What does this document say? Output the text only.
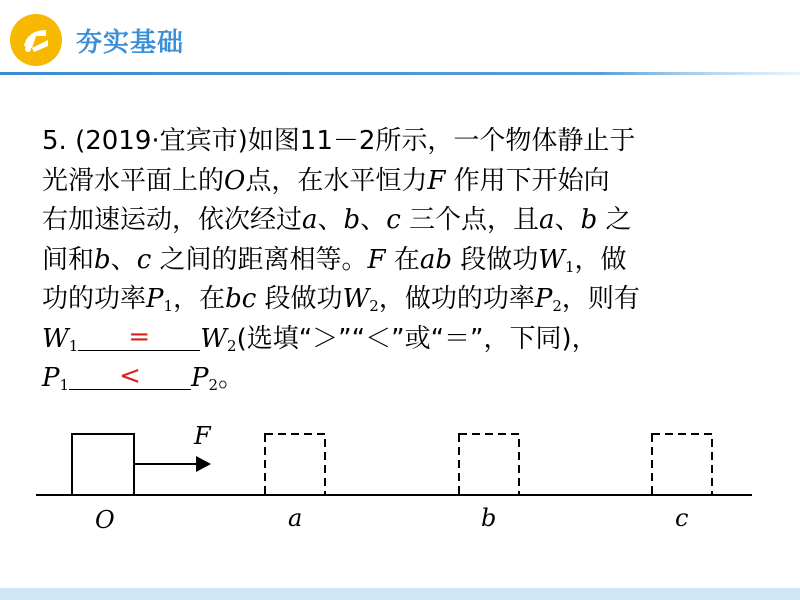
夯实基础
5. (2019·宜宾市)如图11－2所示，一个物体静止于
光滑水平面上的O点，在水平恒力F 作用下开始向
右加速运动，依次经过a、b、c 三个点，且a、b 之
间和b、c 之间的距离相等。F 在ab 段做功$W_1$，做
功的功率$P_1$，在bc 段做功$W_2$，做功的功率$P_2$，则有
$W_1 = W_2$(选填“＞”“＜”或“＝”，下同)，
$P_1 < P_2$。
F
O	a	b	c
